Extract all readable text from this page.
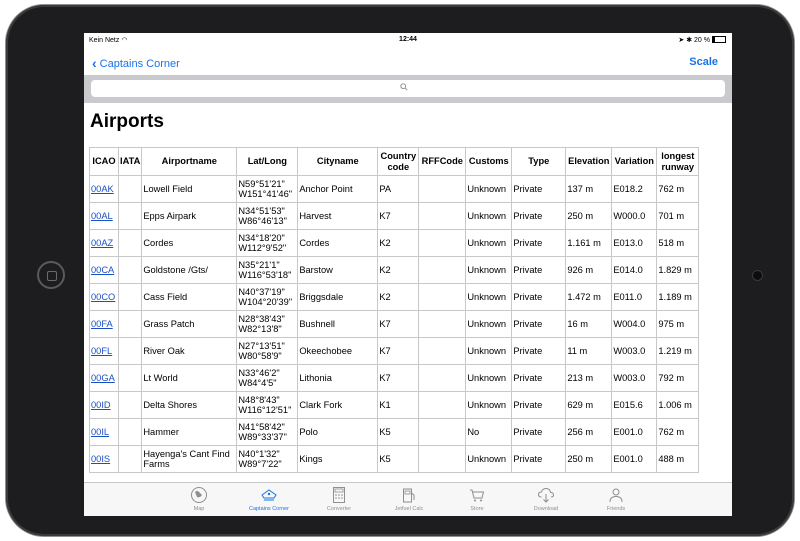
Kein Netz ◠	12:44	➤ ✱ 20 %
‹ Captains Corner	Scale
Airports
ICAO	IATA	Airportname	Lat/Long	Cityname	Country code	RFFCode	Customs	Type	Elevation	Variation	longest runway
00AK		Lowell Field	N59°51'21" W151°41'46"	Anchor Point	PA		Unknown	Private	137 m	E018.2	762 m
00AL		Epps Airpark	N34°51'53" W86°46'13"	Harvest	K7		Unknown	Private	250 m	W000.0	701 m
00AZ		Cordes	N34°18'20" W112°9'52"	Cordes	K2		Unknown	Private	1.161 m	E013.0	518 m
00CA		Goldstone /Gts/	N35°21'1" W116°53'18"	Barstow	K2		Unknown	Private	926 m	E014.0	1.829 m
00CO		Cass Field	N40°37'19" W104°20'39"	Briggsdale	K2		Unknown	Private	1.472 m	E011.0	1.189 m
00FA		Grass Patch	N28°38'43" W82°13'8"	Bushnell	K7		Unknown	Private	16 m	W004.0	975 m
00FL		River Oak	N27°13'51" W80°58'9"	Okeechobee	K7		Unknown	Private	11 m	W003.0	1.219 m
00GA		Lt World	N33°46'2" W84°4'5"	Lithonia	K7		Unknown	Private	213 m	W003.0	792 m
00ID		Delta Shores	N48°8'43" W116°12'51"	Clark Fork	K1		Unknown	Private	629 m	E015.6	1.006 m
00IL		Hammer	N41°58'42" W89°33'37"	Polo	K5		No	Private	256 m	E001.0	762 m
00IS		Hayenga's Cant Find Farms	N40°1'32" W89°7'22"	Kings	K5		Unknown	Private	250 m	E001.0	488 m
Map	Captains Corner	Converter	Jetfuel Calc	Store	Download	Friends
